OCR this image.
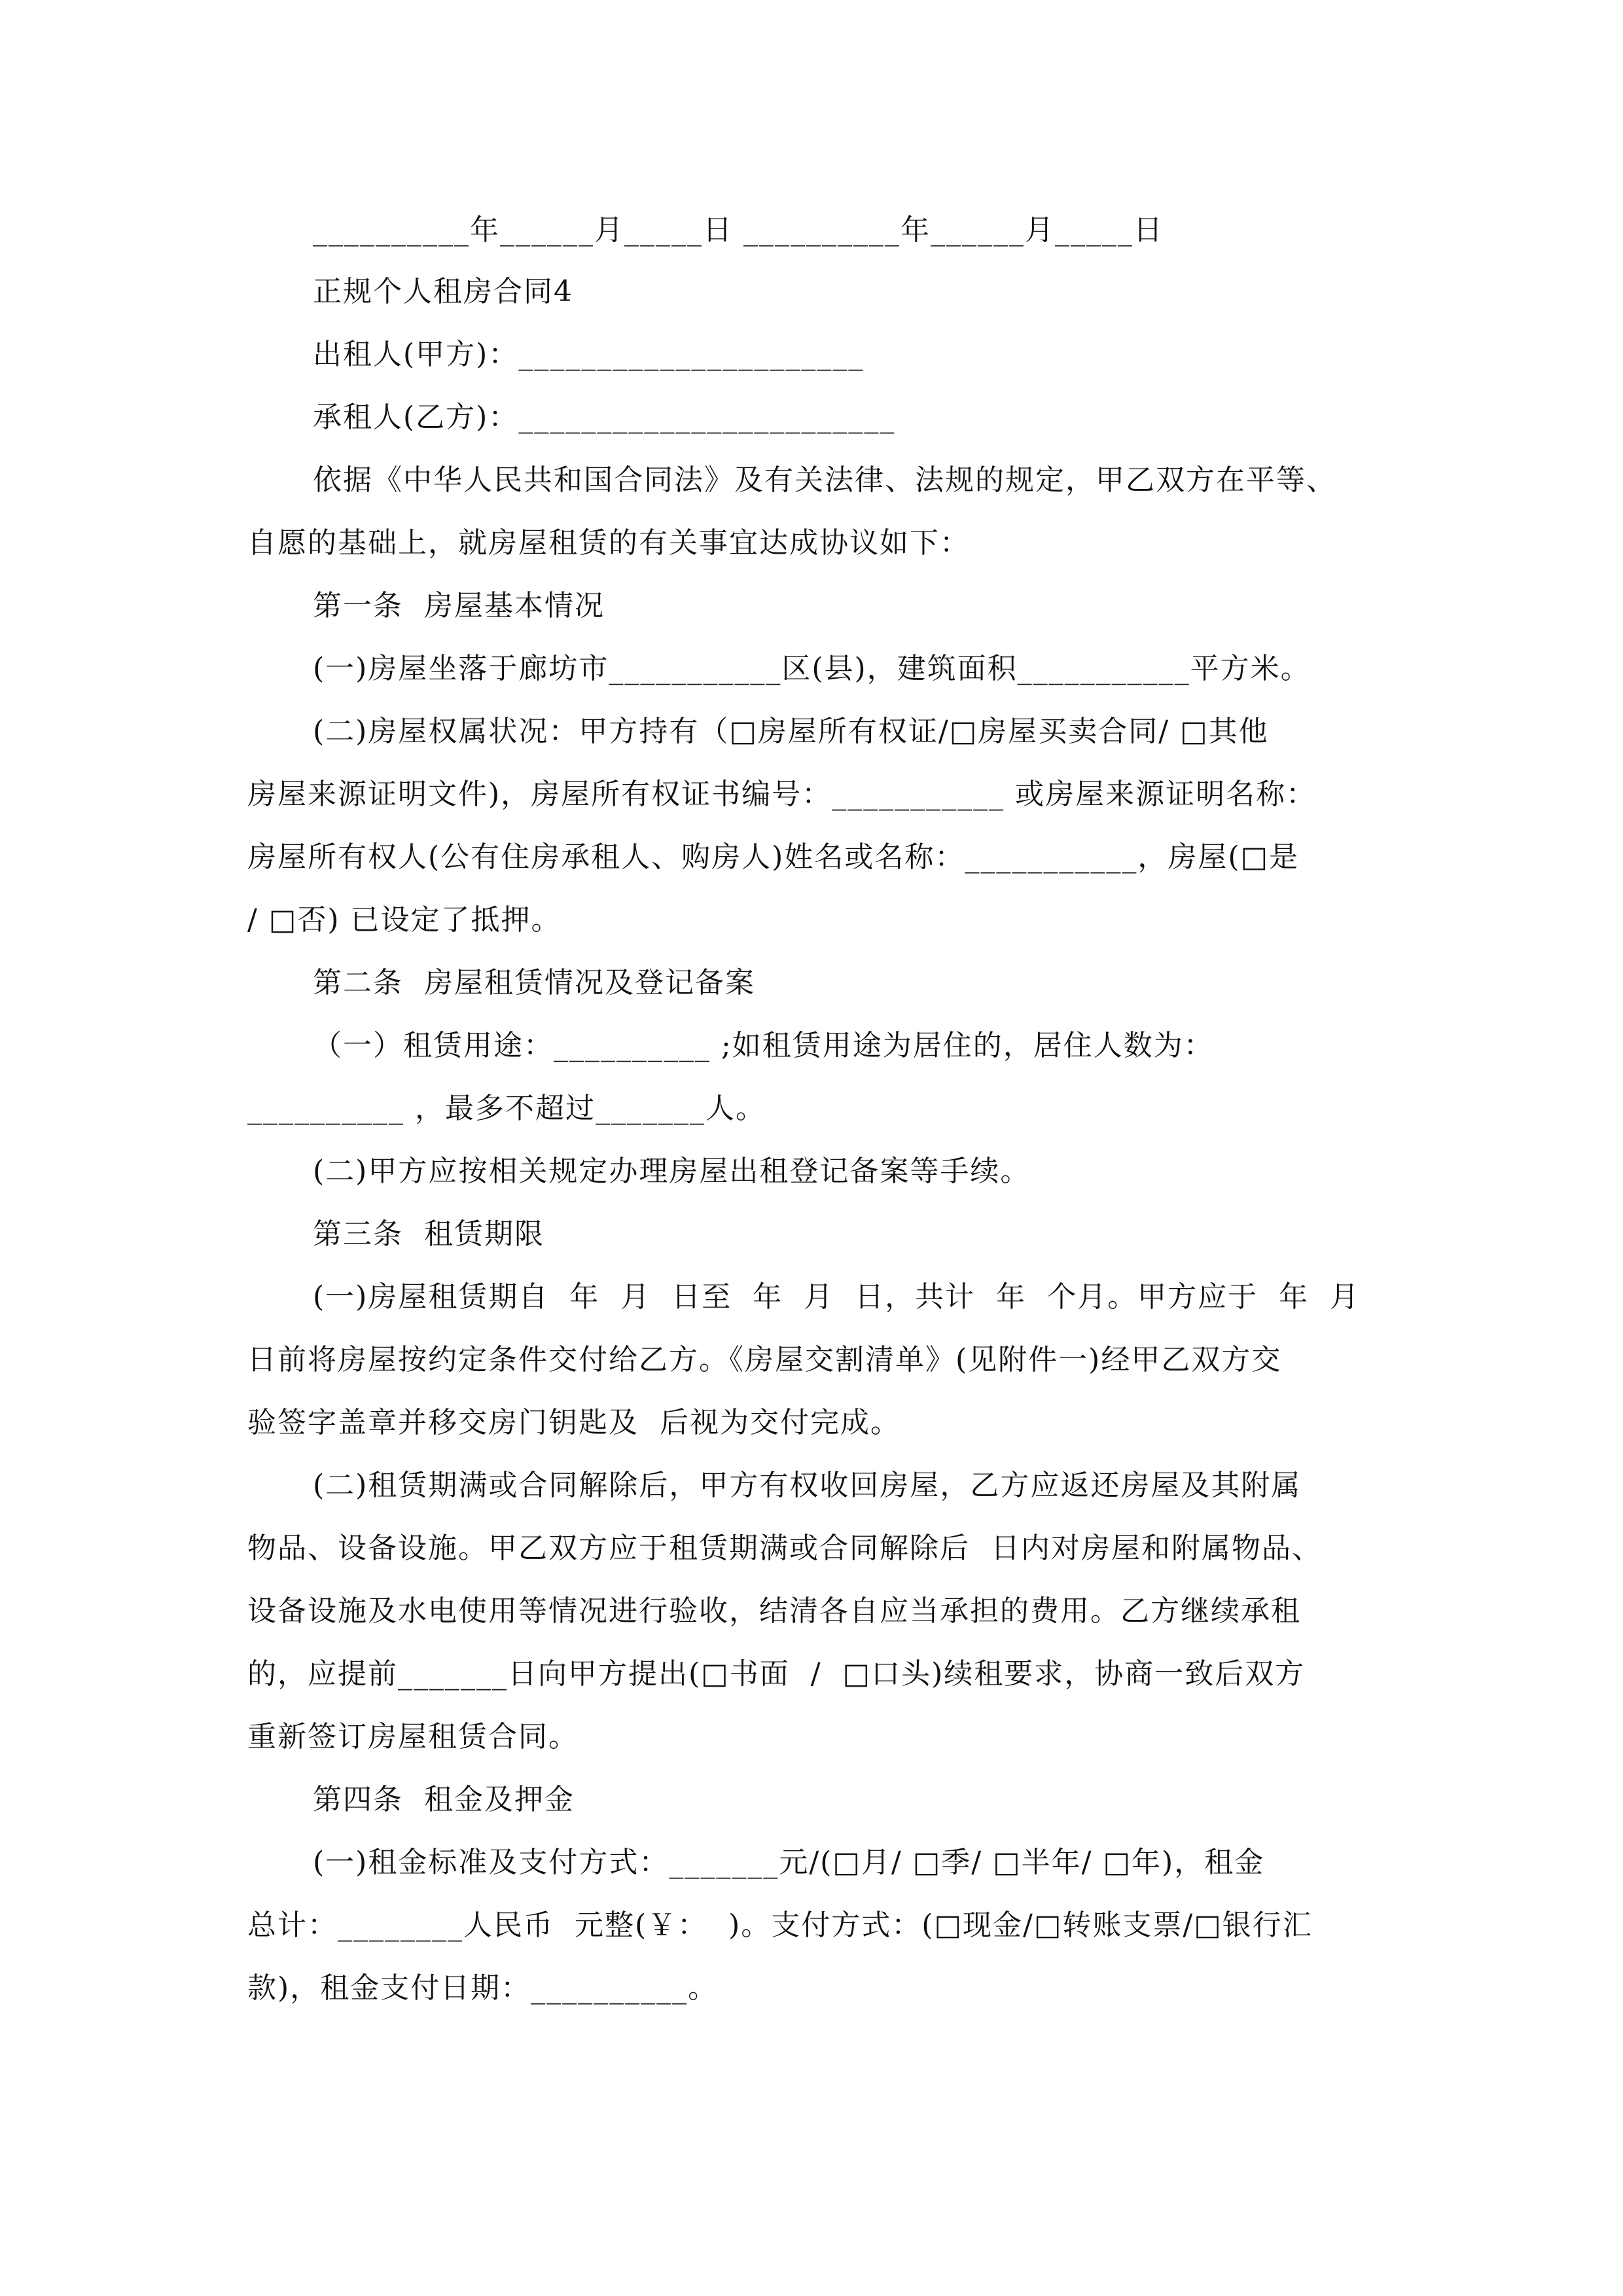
__________年______月_____日 __________年______月_____日
正规个人租房合同4
出租人(甲方)：______________________
承租人(乙方)：________________________
依据《中华人民共和国合同法》及有关法律、法规的规定，甲乙双方在平等、
自愿的基础上，就房屋租赁的有关事宜达成协议如下：
第一条  房屋基本情况
(一)房屋坐落于廊坊市___________区(县)，建筑面积___________平方米。
(二)房屋权属状况：甲方持有（□房屋所有权证/□房屋买卖合同/ □其他
房屋来源证明文件)，房屋所有权证书编号：___________ 或房屋来源证明名称：
房屋所有权人(公有住房承租人、购房人)姓名或名称：___________，房屋(□是
/ □否) 已设定了抵押。
第二条  房屋租赁情况及登记备案
（一）租赁用途：__________ ;如租赁用途为居住的，居住人数为：
__________ ，最多不超过_______人。
(二)甲方应按相关规定办理房屋出租登记备案等手续。
第三条  租赁期限
(一)房屋租赁期自  年  月  日至  年  月  日，共计  年  个月。甲方应于  年  月
日前将房屋按约定条件交付给乙方。《房屋交割清单》(见附件一)经甲乙双方交
验签字盖章并移交房门钥匙及  后视为交付完成。
(二)租赁期满或合同解除后，甲方有权收回房屋，乙方应返还房屋及其附属
物品、设备设施。甲乙双方应于租赁期满或合同解除后  日内对房屋和附属物品、
设备设施及水电使用等情况进行验收，结清各自应当承担的费用。乙方继续承租
的，应提前_______日向甲方提出(□书面  /  □口头)续租要求，协商一致后双方
重新签订房屋租赁合同。
第四条  租金及押金
(一)租金标准及支付方式：_______元/(□月/ □季/ □半年/ □年)，租金
总计：________人民币  元整(￥：  )。支付方式：(□现金/□转账支票/□银行汇
款)，租金支付日期：__________。
